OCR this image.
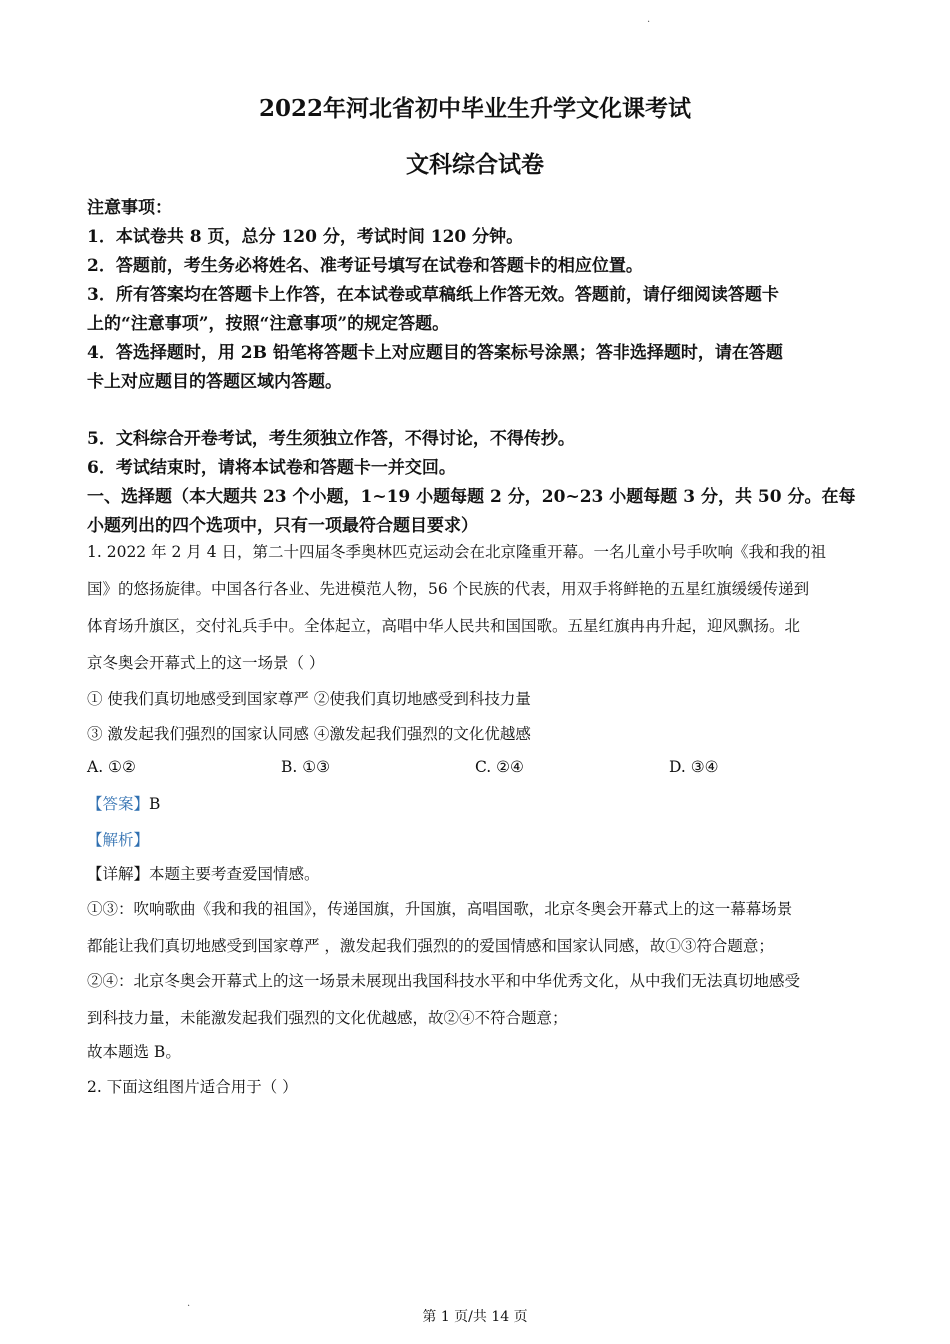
.
2022年河北省初中毕业生升学文化课考试
文科综合试卷
注意事项：
1．本试卷共 8 页，总分 120 分，考试时间 120 分钟。
2．答题前，考生务必将姓名、准考证号填写在试卷和答题卡的相应位置。
3．所有答案均在答题卡上作答，在本试卷或草稿纸上作答无效。答题前，请仔细阅读答题卡
上的“注意事项”，按照“注意事项”的规定答题。
4．答选择题时，用 2B 铅笔将答题卡上对应题目的答案标号涂黑；答非选择题时，请在答题
卡上对应题目的答题区域内答题。
5．文科综合开卷考试，考生须独立作答，不得讨论，不得传抄。
6．考试结束时，请将本试卷和答题卡一并交回。
一、选择题（本大题共 23 个小题，1~19 小题每题 2 分，20~23 小题每题 3 分，共 50 分。在每
小题列出的四个选项中，只有一项最符合题目要求）
1. 2022 年 2 月 4 日，第二十四届冬季奥林匹克运动会在北京隆重开幕。一名儿童小号手吹响《我和我的祖
国》的悠扬旋律。中国各行各业、先进模范人物，56 个民族的代表，用双手将鲜艳的五星红旗缓缓传递到
体育场升旗区，交付礼兵手中。全体起立，高唱中华人民共和国国歌。五星红旗冉冉升起，迎风飘扬。北
京冬奥会开幕式上的这一场景（ ）
① 使我们真切地感受到国家尊严 ②使我们真切地感受到科技力量
③ 激发起我们强烈的国家认同感 ④激发起我们强烈的文化优越感
A. ①②	B. ①③	C. ②④	D. ③④
【答案】B
【解析】
【详解】本题主要考查爱国情感。
①③：吹响歌曲《我和我的祖国》，传递国旗，升国旗，高唱国歌，北京冬奥会开幕式上的这一幕幕场景
都能让我们真切地感受到国家尊严 ，激发起我们强烈的的爱国情感和国家认同感，故①③符合题意；
②④：北京冬奥会开幕式上的这一场景未展现出我国科技水平和中华优秀文化，从中我们无法真切地感受
到科技力量，未能激发起我们强烈的文化优越感，故②④不符合题意；
故本题选 B。
2. 下面这组图片适合用于（ ）
.
第 1 页/共 14 页
